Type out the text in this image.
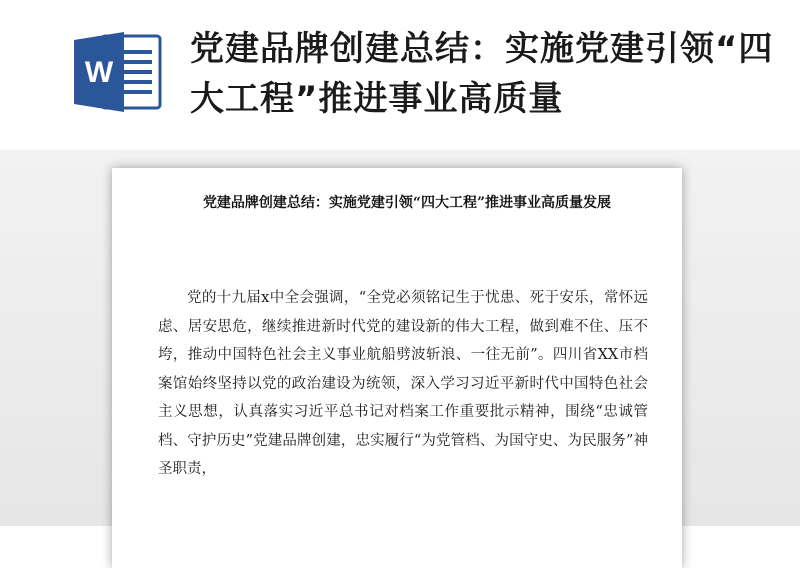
W
党建品牌创建总结：实施党建引领“四大工程”推进事业高质量
党建品牌创建总结：实施党建引领“四大工程”推进事业高质量发展
党的十九届x中全会强调，“全党必须铭记生于忧患、死于安乐，常怀远虑、居安思危，继续推进新时代党的建设新的伟大工程，做到难不住、压不垮，推动中国特色社会主义事业航船劈波斩浪、一往无前”。四川省XX市档案馆始终坚持以党的政治建设为统领，深入学习习近平新时代中国特色社会主义思想，认真落实习近平总书记对档案工作重要批示精神，围绕“忠诚管档、守护历史”党建品牌创建，忠实履行“为党管档、为国守史、为民服务”神圣职责，
